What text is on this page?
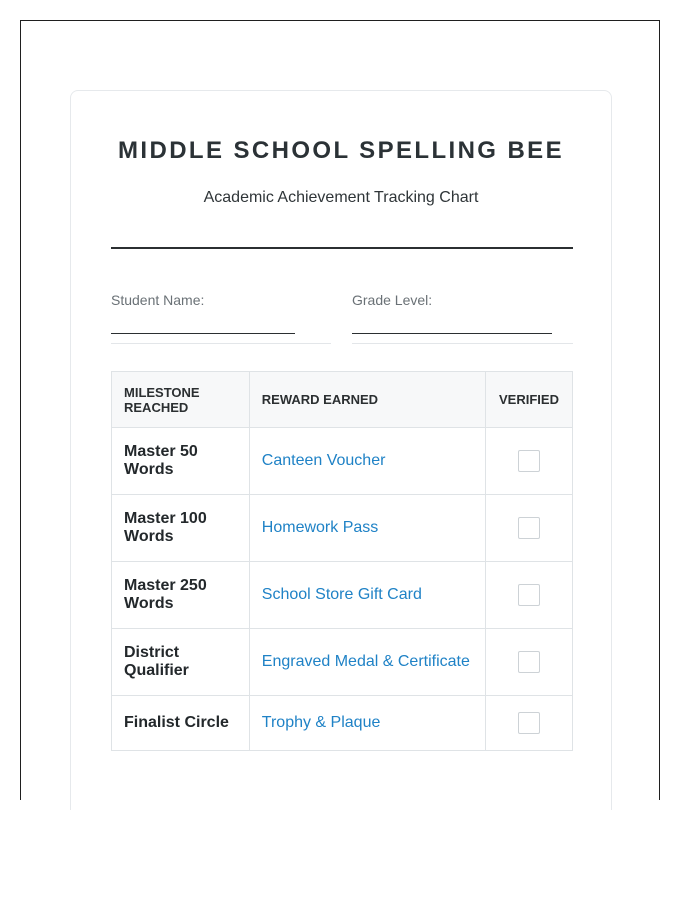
MIDDLE SCHOOL SPELLING BEE
Academic Achievement Tracking Chart
Student Name:	Grade Level:
MILESTONE REACHED	REWARD EARNED	VERIFIED
Master 50 Words	Canteen Voucher	
Master 100 Words	Homework Pass	
Master 250 Words	School Store Gift Card	
District Qualifier	Engraved Medal & Certificate	
Finalist Circle	Trophy & Plaque	
